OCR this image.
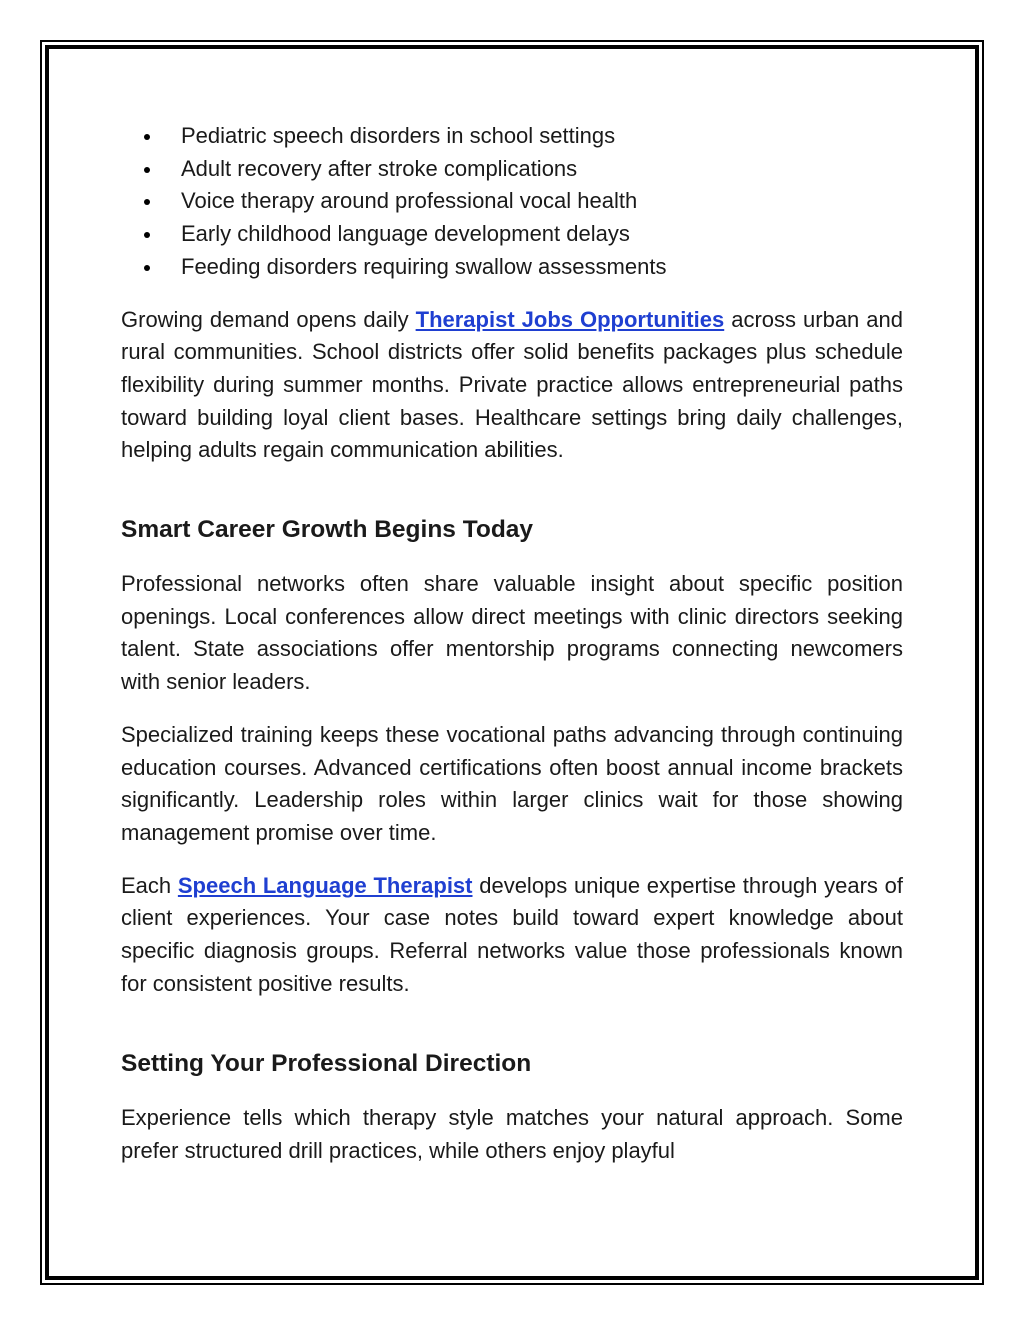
Pediatric speech disorders in school settings
Adult recovery after stroke complications
Voice therapy around professional vocal health
Early childhood language development delays
Feeding disorders requiring swallow assessments

Growing demand opens daily Therapist Jobs Opportunities across urban and rural communities. School districts offer solid benefits packages plus schedule flexibility during summer months. Private practice allows entrepreneurial paths toward building loyal client bases. Healthcare settings bring daily challenges, helping adults regain communication abilities.

Smart Career Growth Begins Today

Professional networks often share valuable insight about specific position openings. Local conferences allow direct meetings with clinic directors seeking talent. State associations offer mentorship programs connecting newcomers with senior leaders.

Specialized training keeps these vocational paths advancing through continuing education courses. Advanced certifications often boost annual income brackets significantly. Leadership roles within larger clinics wait for those showing management promise over time.

Each Speech Language Therapist develops unique expertise through years of client experiences. Your case notes build toward expert knowledge about specific diagnosis groups. Referral networks value those professionals known for consistent positive results.

Setting Your Professional Direction

Experience tells which therapy style matches your natural approach. Some prefer structured drill practices, while others enjoy playful
